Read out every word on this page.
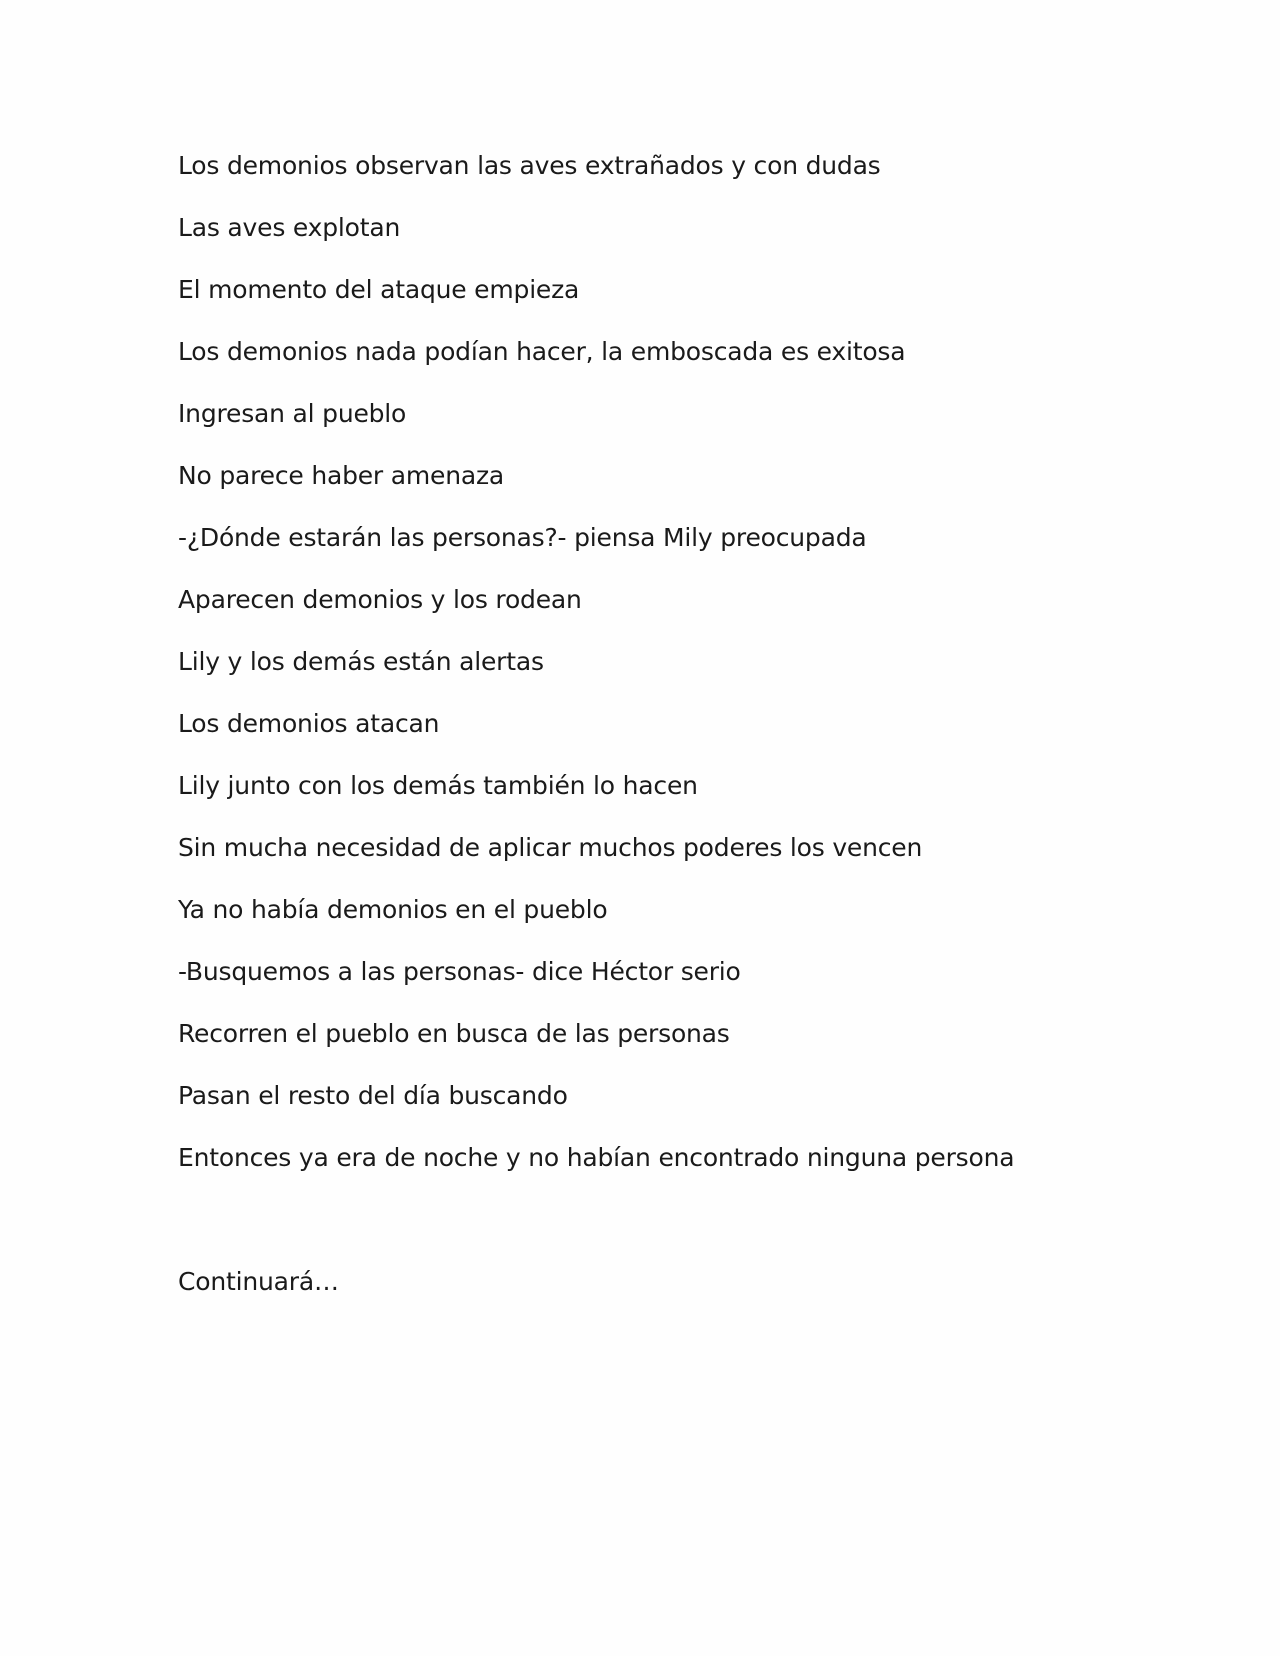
Los demonios observan las aves extrañados y con dudas
Las aves explotan
El momento del ataque empieza
Los demonios nada podían hacer, la emboscada es exitosa
Ingresan al pueblo
No parece haber amenaza
-¿Dónde estarán las personas?- piensa Mily preocupada
Aparecen demonios y los rodean
Lily y los demás están alertas
Los demonios atacan
Lily junto con los demás también lo hacen
Sin mucha necesidad de aplicar muchos poderes los vencen
Ya no había demonios en el pueblo
-Busquemos a las personas- dice Héctor serio
Recorren el pueblo en busca de las personas
Pasan el resto del día buscando
Entonces ya era de noche y no habían encontrado ninguna persona
Continuará…
